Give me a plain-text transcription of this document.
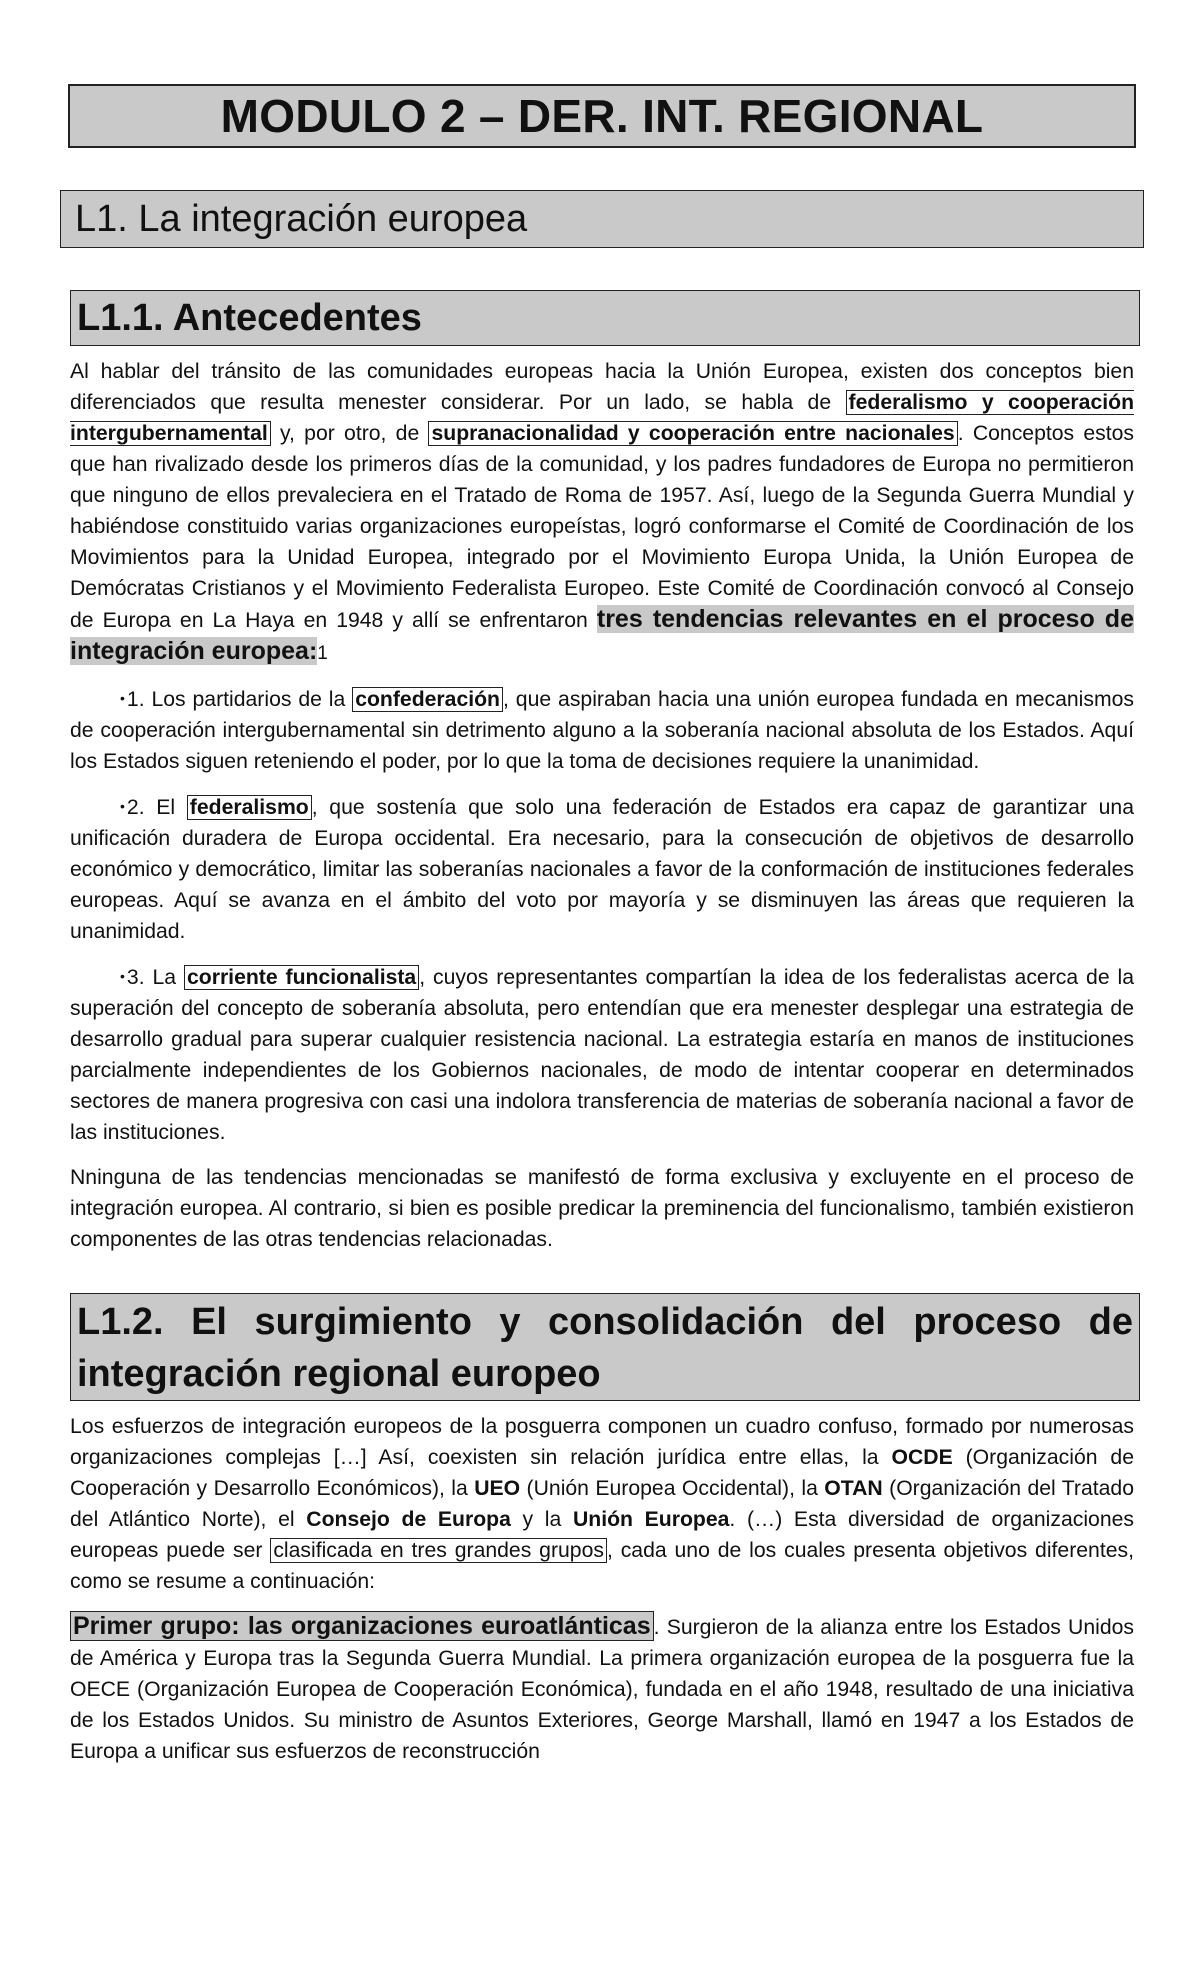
MODULO 2 – DER. INT. REGIONAL
L1. La integración europea
L1.1. Antecedentes

Al hablar del tránsito de las comunidades europeas hacia la Unión Europea, existen dos conceptos bien diferenciados que resulta menester considerar. Por un lado, se habla de federalismo y cooperación intergubernamental y, por otro, de supranacionalidad y cooperación entre nacionales . Conceptos estos que han rivalizado desde los primeros días de la comunidad, y los padres fundadores de Europa no permitieron que ninguno de ellos prevaleciera en el Tratado de Roma de 1957. Así, luego de la Segunda Guerra Mundial y habiéndose constituido varias organizaciones europeístas, logró conformarse el Comité de Coordinación de los Movimientos para la Unidad Europea, integrado por el Movimiento Europa Unida, la Unión Europea de Demócratas Cristianos y el Movimiento Federalista Europeo. Este Comité de Coordinación convocó al Consejo de Europa en La Haya en 1948 y allí se enfrentaron tres tendencias relevantes en el proceso de integración europea:1

•1. Los partidarios de la confederación , que aspiraban hacia una unión europea fundada en mecanismos de cooperación intergubernamental sin detrimento alguno a la soberanía nacional absoluta de los Estados. Aquí los Estados siguen reteniendo el poder, por lo que la toma de decisiones requiere la unanimidad.

•2. El federalismo , que sostenía que solo una federación de Estados era capaz de garantizar una unificación duradera de Europa occidental. Era necesario, para la consecución de objetivos de desarrollo económico y democrático, limitar las soberanías nacionales a favor de la conformación de instituciones federales europeas. Aquí se avanza en el ámbito del voto por mayoría y se disminuyen las áreas que requieren la unanimidad.

•3. La corriente funcionalista , cuyos representantes compartían la idea de los federalistas acerca de la superación del concepto de soberanía absoluta, pero entendían que era menester desplegar una estrategia de desarrollo gradual para superar cualquier resistencia nacional. La estrategia estaría en manos de instituciones parcialmente independientes de los Gobiernos nacionales, de modo de intentar cooperar en determinados sectores de manera progresiva con casi una indolora transferencia de materias de soberanía nacional a favor de las instituciones.

Nninguna de las tendencias mencionadas se manifestó de forma exclusiva y excluyente en el proceso de integración europea. Al contrario, si bien es posible predicar la preminencia del funcionalismo, también existieron componentes de las otras tendencias relacionadas.

L1.2. El surgimiento y consolidación del proceso de integración regional europeo

Los esfuerzos de integración europeos de la posguerra componen un cuadro confuso, formado por numerosas organizaciones complejas […] Así, coexisten sin relación jurídica entre ellas, la OCDE (Organización de Cooperación y Desarrollo Económicos), la UEO (Unión Europea Occidental), la OTAN (Organización del Tratado del Atlántico Norte), el Consejo de Europa y la Unión Europea. (…) Esta diversidad de organizaciones europeas puede ser clasificada en tres grandes grupos , cada uno de los cuales presenta objetivos diferentes, como se resume a continuación:

Primer grupo: las organizaciones euroatlánticas . Surgieron de la alianza entre los Estados Unidos de América y Europa tras la Segunda Guerra Mundial. La primera organización europea de la posguerra fue la OECE (Organización Europea de Cooperación Económica), fundada en el año 1948, resultado de una iniciativa de los Estados Unidos. Su ministro de Asuntos Exteriores, George Marshall, llamó en 1947 a los Estados de Europa a unificar sus esfuerzos de reconstrucción
